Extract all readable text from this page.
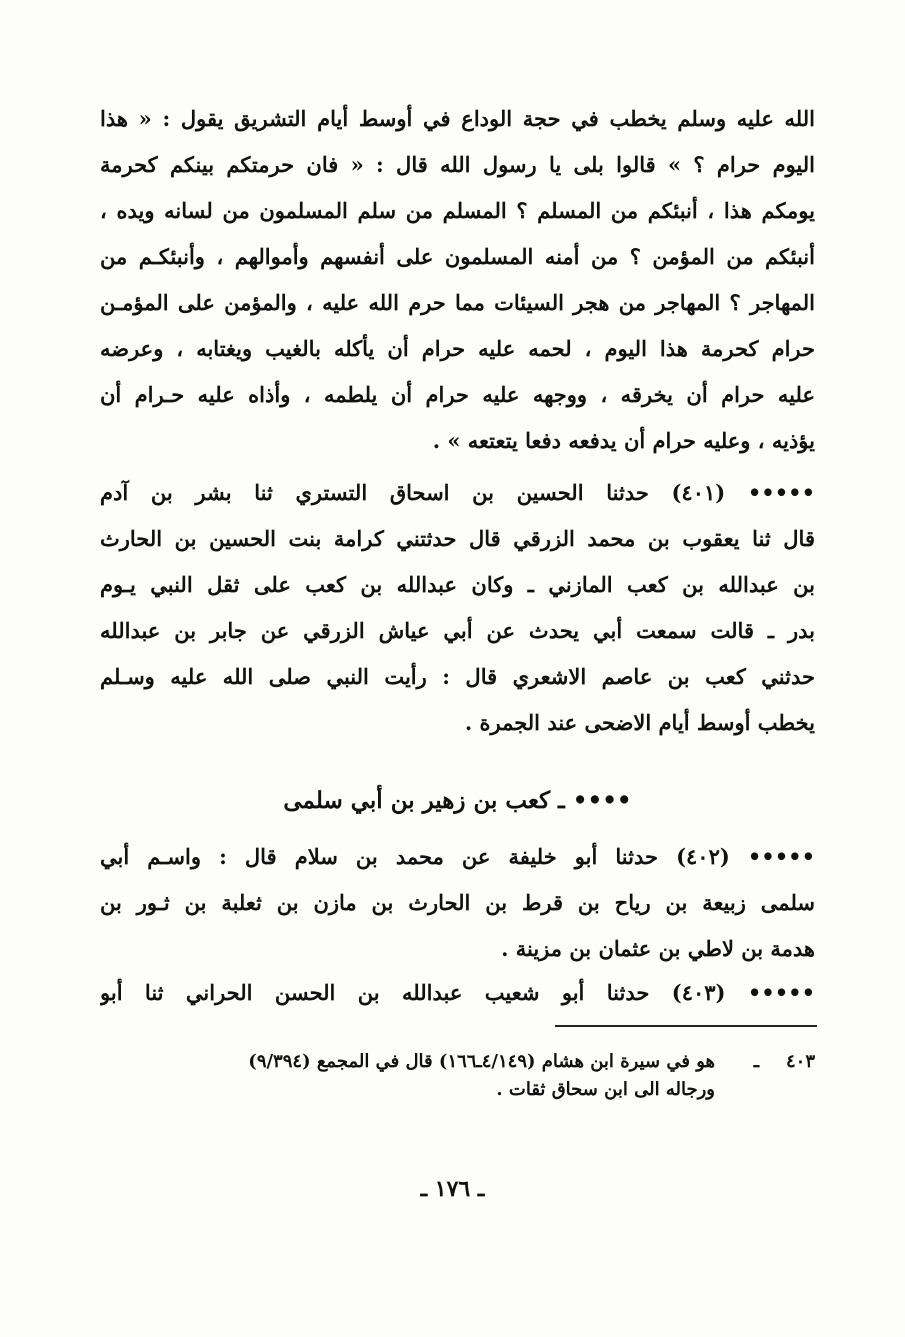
الله عليه وسلم يخطب في حجة الوداع في أوسط أيام التشريق يقول : « هذا
اليوم حرام ؟ » قالوا بلى يا رسول الله قال : « فان حرمتكم بينكم كحرمة
يومكم هذا ، أنبئكم من المسلم ؟ المسلم من سلم المسلمون من لسانه ويده ،
أنبئكم من المؤمن ؟ من أمنه المسلمون على أنفسهم وأموالهم ، وأنبئكـم من
المهاجر ؟ المهاجر من هجر السيئات مما حرم الله عليه ، والمؤمن على المؤمـن
حرام كحرمة هذا اليوم ، لحمه عليه حرام أن يأكله بالغيب ويغتابه ، وعرضه
عليه حرام أن يخرقه ، ووجهه عليه حرام أن يلطمه ، وأذاه عليه حـرام أن
يؤذيه ، وعليه حرام أن يدفعه دفعا يتعتعه » .
••••• (٤٠١) حدثنا الحسين بن اسحاق التستري ثنا بشر بن آدم
قال ثنا يعقوب بن محمد الزرقي قال حدثتني كرامة بنت الحسين بن الحارث
بن عبدالله بن كعب المازني ـ وكان عبدالله بن كعب على ثقل النبي يـوم
بدر ـ قالت سمعت أبي يحدث عن أبي عياش الزرقي عن جابر بن عبدالله
حدثني كعب بن عاصم الاشعري قال : رأيت النبي صلى الله عليه وسـلم
يخطب أوسط أيام الاضحى عند الجمرة .
•••• ـ كعب بن زهير بن أبي سلمى
••••• (٤٠٢) حدثنا أبو خليفة عن محمد بن سلام قال : واسـم أبي
سلمى زبيعة بن رياح بن قرط بن الحارث بن مازن بن ثعلبة بن ثـور بن
هدمة بن لاطي بن عثمان بن مزينة .
••••• (٤٠٣) حدثنا أبو شعيب عبدالله بن الحسن الحراني ثنا أبو
٤٠٣ـهو في سيرة ابن هشام (٤/١٤٩ـ١٦٦) قال في المجمع (٩/٣٩٤)
ورجاله الى ابن سحاق ثقات .
ـ ١٧٦ ـ
